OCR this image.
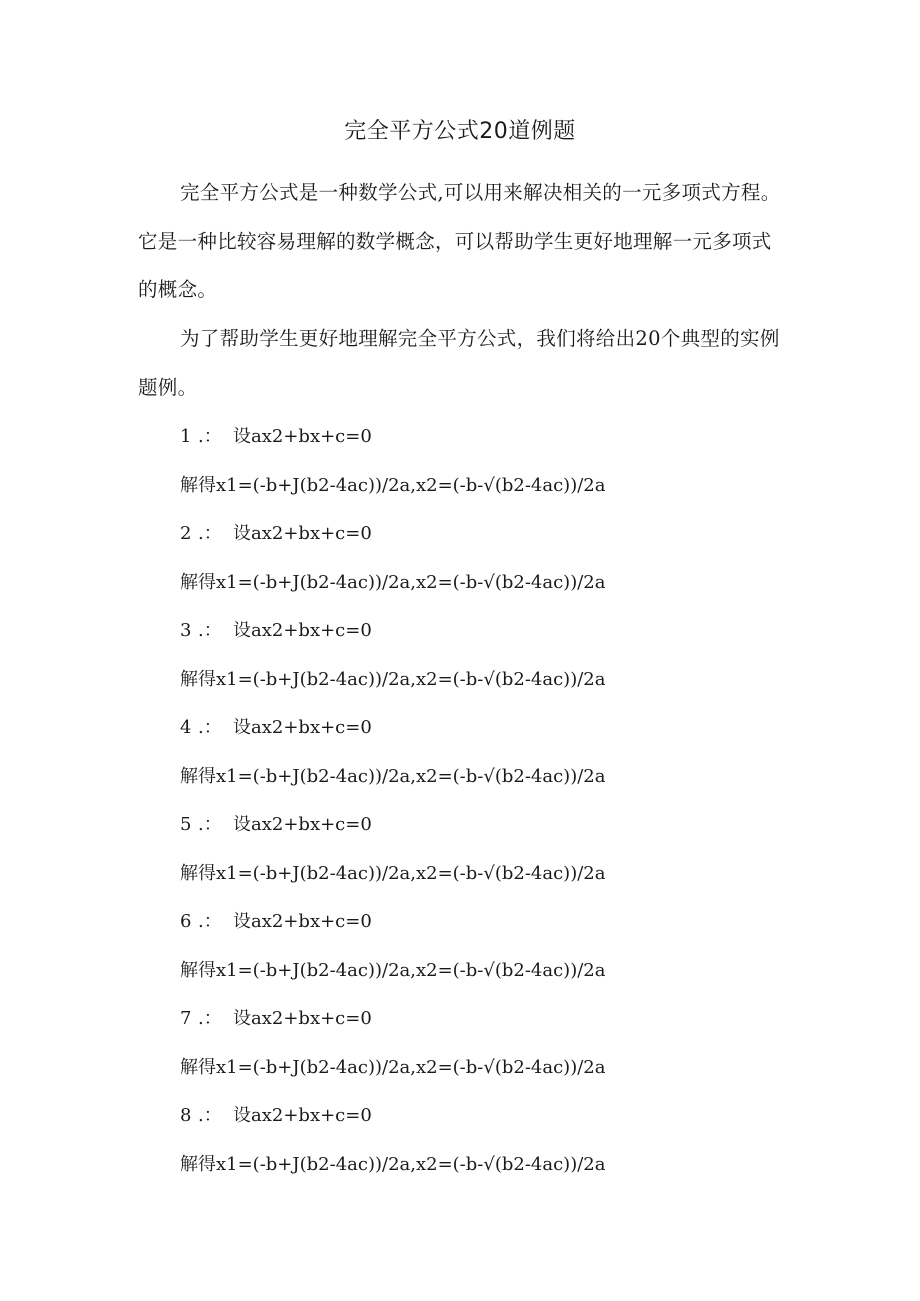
完全平方公式20道例题

完全平方公式是一种数学公式,可以用来解决相关的一元多项式方程。它是一种比较容易理解的数学概念，可以帮助学生更好地理解一元多项式的概念。

为了帮助学生更好地理解完全平方公式，我们将给出20个典型的实例题例。

1 .： 设ax2+bx+c=0
解得x1=(-b+J(b2-4ac))/2a,x2=(-b-√(b2-4ac))/2a
2 .： 设ax2+bx+c=0
解得x1=(-b+J(b2-4ac))/2a,x2=(-b-√(b2-4ac))/2a
3 .： 设ax2+bx+c=0
解得x1=(-b+J(b2-4ac))/2a,x2=(-b-√(b2-4ac))/2a
4 .： 设ax2+bx+c=0
解得x1=(-b+J(b2-4ac))/2a,x2=(-b-√(b2-4ac))/2a
5 .： 设ax2+bx+c=0
解得x1=(-b+J(b2-4ac))/2a,x2=(-b-√(b2-4ac))/2a
6 .： 设ax2+bx+c=0
解得x1=(-b+J(b2-4ac))/2a,x2=(-b-√(b2-4ac))/2a
7 .： 设ax2+bx+c=0
解得x1=(-b+J(b2-4ac))/2a,x2=(-b-√(b2-4ac))/2a
8 .： 设ax2+bx+c=0
解得x1=(-b+J(b2-4ac))/2a,x2=(-b-√(b2-4ac))/2a
